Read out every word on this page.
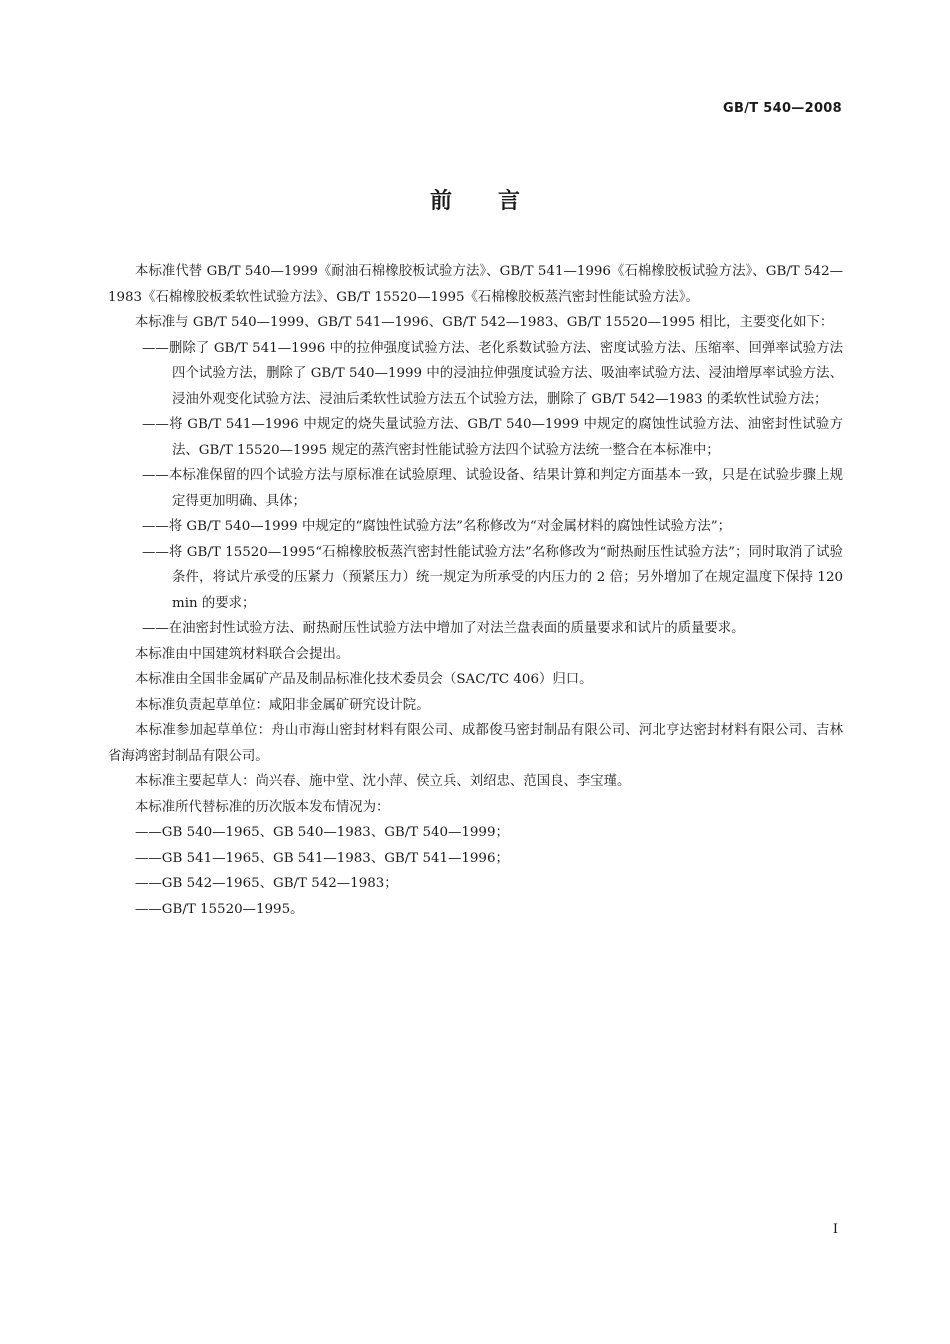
GB/T 540—2008
前言

本标准代替 GB/T 540—1999《耐油石棉橡胶板试验方法》、GB/T 541—1996《石棉橡胶板试验方法》、GB/T 542—1983《石棉橡胶板柔软性试验方法》、GB/T 15520—1995《石棉橡胶板蒸汽密封性能试验方法》。

本标准与 GB/T 540—1999、GB/T 541—1996、GB/T 542—1983、GB/T 15520—1995 相比，主要变化如下：

——删除了 GB/T 541—1996 中的拉伸强度试验方法、老化系数试验方法、密度试验方法、压缩率、回弹率试验方法四个试验方法，删除了 GB/T 540—1999 中的浸油拉伸强度试验方法、吸油率试验方法、浸油增厚率试验方法、浸油外观变化试验方法、浸油后柔软性试验方法五个试验方法，删除了 GB/T 542—1983 的柔软性试验方法；

——将 GB/T 541—1996 中规定的烧失量试验方法、GB/T 540—1999 中规定的腐蚀性试验方法、油密封性试验方法、GB/T 15520—1995 规定的蒸汽密封性能试验方法四个试验方法统一整合在本标准中；

——本标准保留的四个试验方法与原标准在试验原理、试验设备、结果计算和判定方面基本一致，只是在试验步骤上规定得更加明确、具体；

——将 GB/T 540—1999 中规定的“腐蚀性试验方法”名称修改为“对金属材料的腐蚀性试验方法”；

——将 GB/T 15520—1995“石棉橡胶板蒸汽密封性能试验方法”名称修改为“耐热耐压性试验方法”；同时取消了试验条件，将试片承受的压紧力（预紧压力）统一规定为所承受的内压力的 2 倍；另外增加了在规定温度下保持 120 min 的要求；

——在油密封性试验方法、耐热耐压性试验方法中增加了对法兰盘表面的质量要求和试片的质量要求。

本标准由中国建筑材料联合会提出。

本标准由全国非金属矿产品及制品标准化技术委员会（SAC/TC 406）归口。

本标准负责起草单位：咸阳非金属矿研究设计院。

本标准参加起草单位：舟山市海山密封材料有限公司、成都俊马密封制品有限公司、河北亨达密封材料有限公司、吉林省海鸿密封制品有限公司。

本标准主要起草人：尚兴春、施中堂、沈小萍、侯立兵、刘绍忠、范国良、李宝瑾。

本标准所代替标准的历次版本发布情况为：

——GB 540—1965、GB 540—1983、GB/T 540—1999；

——GB 541—1965、GB 541—1983、GB/T 541—1996；

——GB 542—1965、GB/T 542—1983；

——GB/T 15520—1995。

I
